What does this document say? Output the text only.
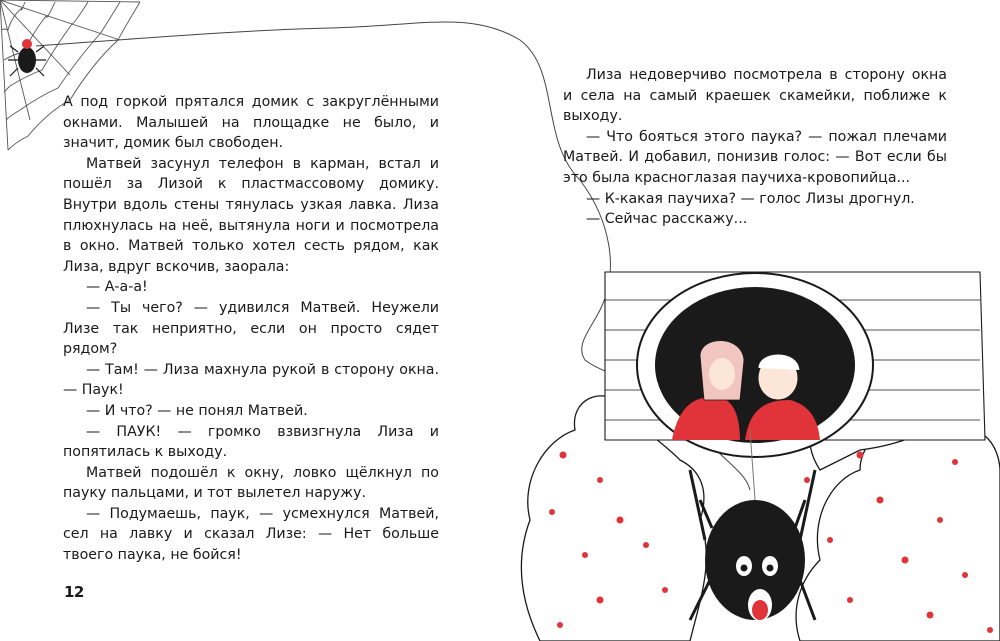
А под горкой прятался домик с закруглёнными окнами. Малышей на площадке не было, и значит, домик был свободен.

Матвей засунул телефон в карман, встал и пошёл за Лизой к пластмассовому домику. Внутри вдоль стены тянулась узкая лавка. Лиза плюхнулась на неё, вытянула ноги и посмотрела в окно. Матвей только хотел сесть рядом, как Лиза, вдруг вскочив, заорала:

— А-а-а!

— Ты чего? — удивился Матвей. Неужели Лизе так неприятно, если он просто сядет рядом?

— Там! — Лиза махнула рукой в сторону окна. — Паук!

— И что? — не понял Матвей.

— ПАУК! — громко взвизгнула Лиза и попятилась к выходу.

Матвей подошёл к окну, ловко щёлкнул по пауку пальцами, и тот вылетел наружу.

— Подумаешь, паук, — усмехнулся Матвей, сел на лавку и сказал Лизе: — Нет больше твоего паука, не бойся!

Лиза недоверчиво посмотрела в сторону окна и села на самый краешек скамейки, поближе к выходу.

— Что бояться этого паука? — пожал плечами Матвей. И добавил, понизив голос: — Вот если бы это была красноглазая паучиха-кровопийца...

— К-какая паучиха? — голос Лизы дрогнул.

— Сейчас расскажу...

12
